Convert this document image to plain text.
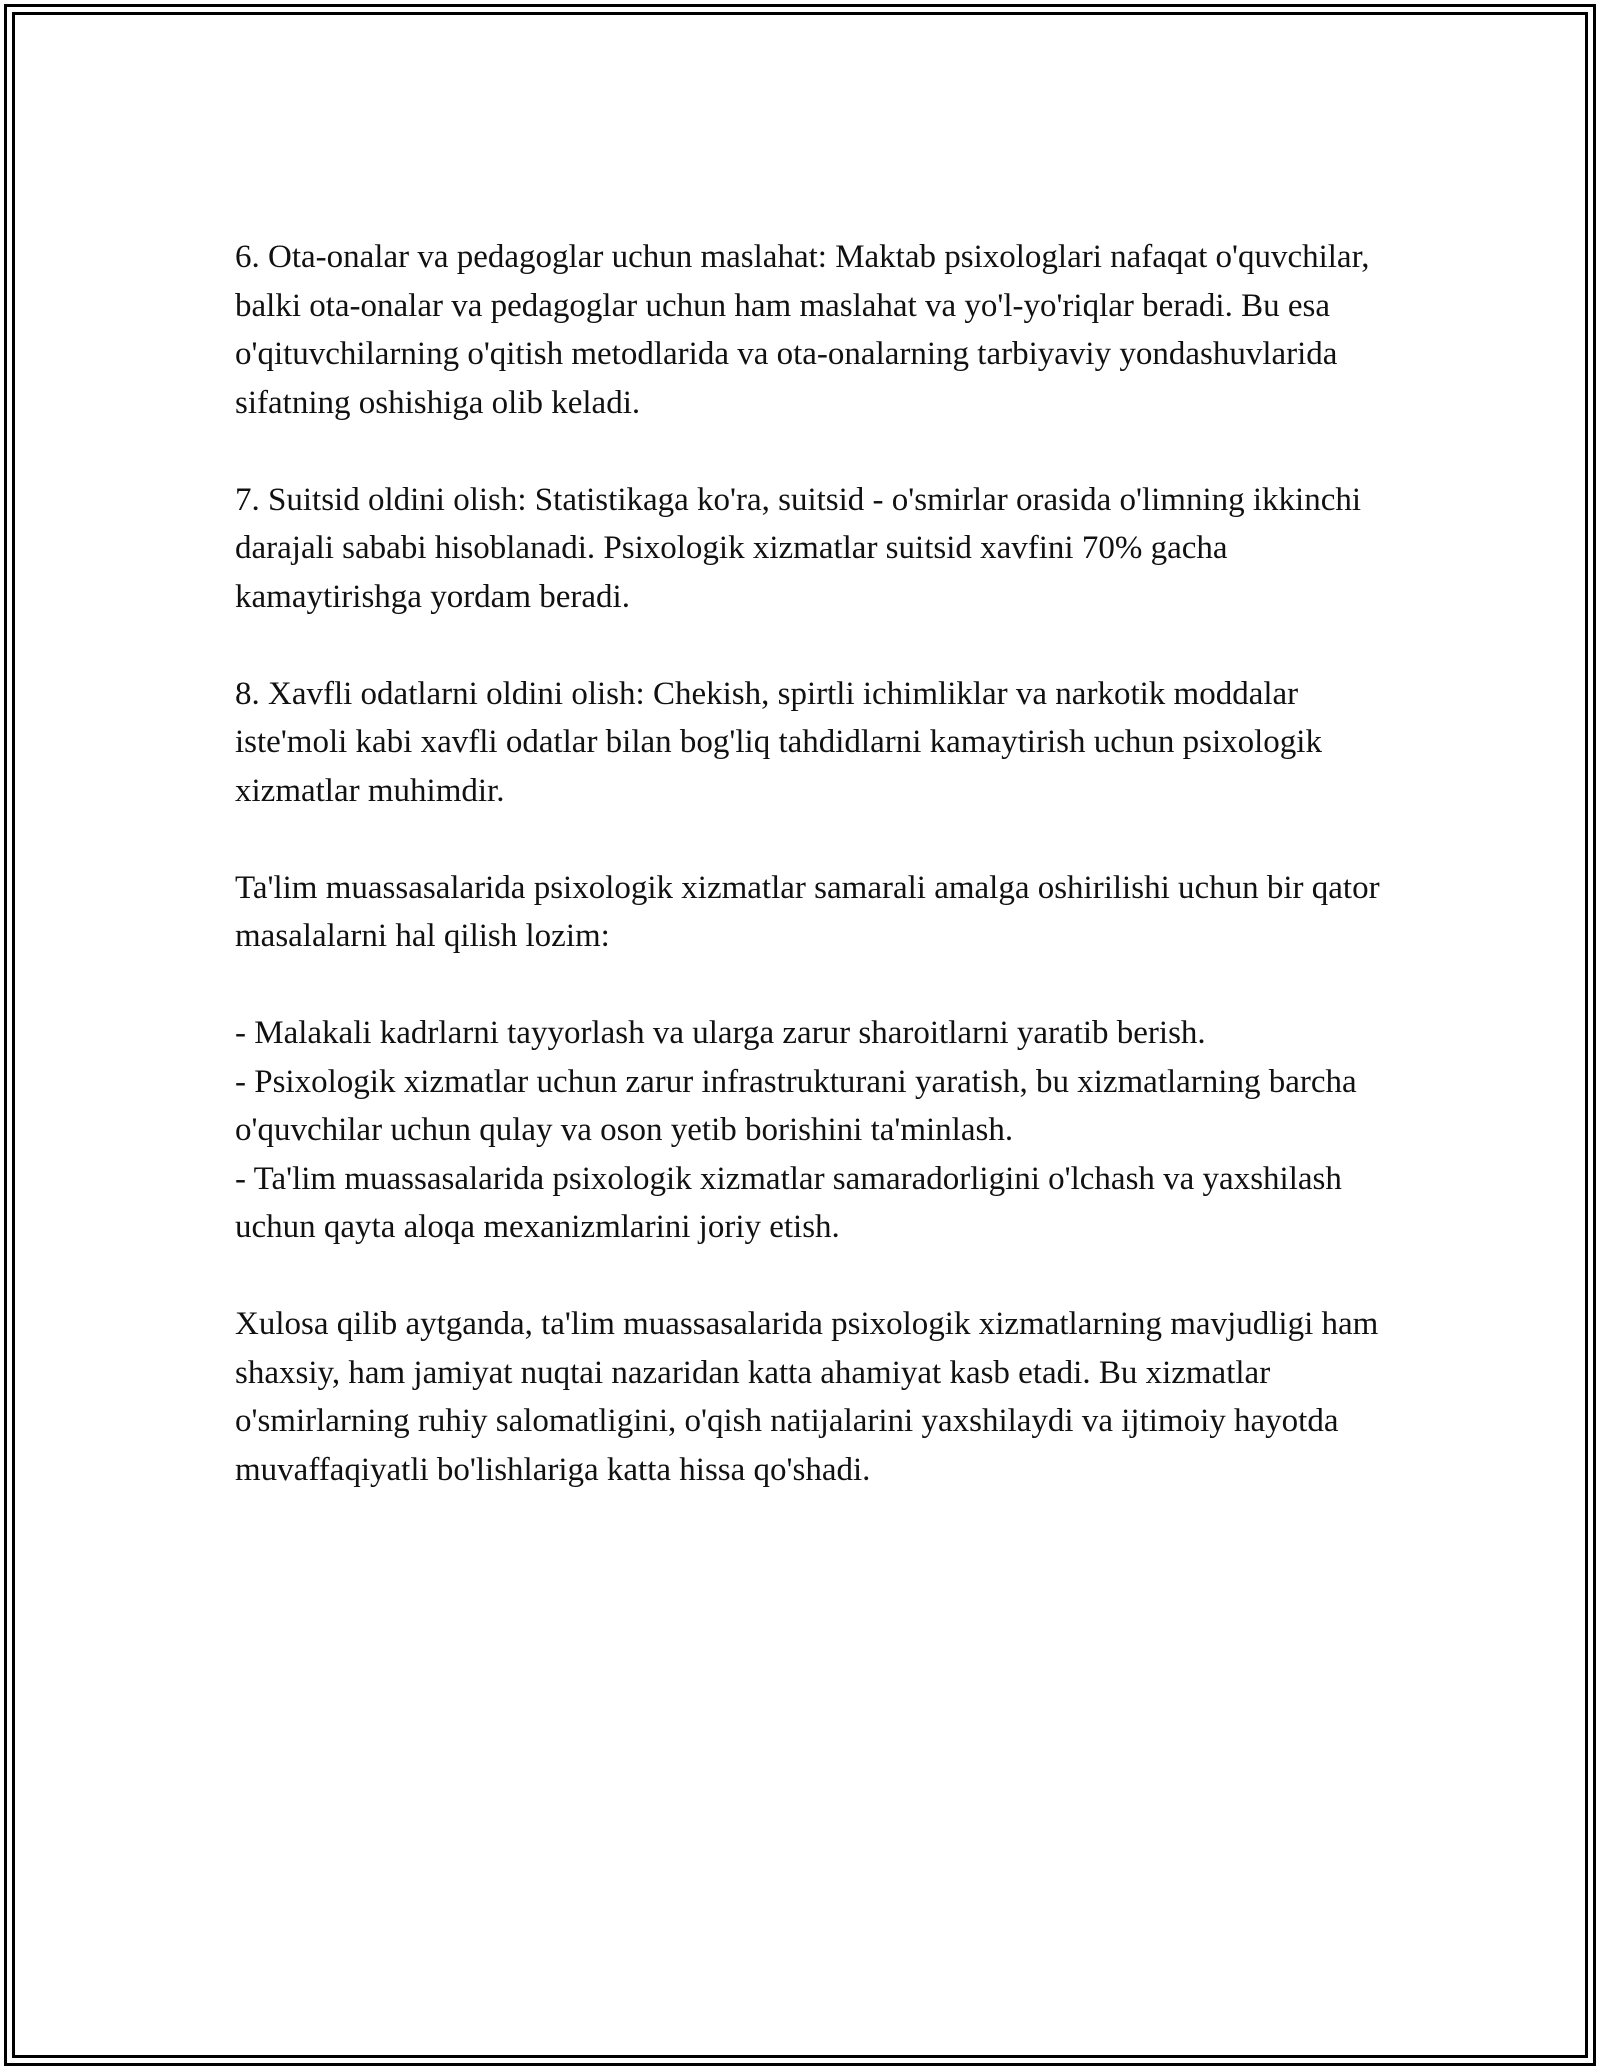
6. Ota-onalar va pedagoglar uchun maslahat: Maktab psixologlari nafaqat o'quvchilar, balki ota-onalar va pedagoglar uchun ham maslahat va yo'l-yo'riqlar beradi. Bu esa o'qituvchilarning o'qitish metodlarida va ota-onalarning tarbiyaviy yondashuvlarida sifatning oshishiga olib keladi.

7. Suitsid oldini olish: Statistikaga ko'ra, suitsid - o'smirlar orasida o'limning ikkinchi darajali sababi hisoblanadi. Psixologik xizmatlar suitsid xavfini 70% gacha kamaytirishga yordam beradi.

8. Xavfli odatlarni oldini olish: Chekish, spirtli ichimliklar va narkotik moddalar iste'moli kabi xavfli odatlar bilan bog'liq tahdidlarni kamaytirish uchun psixologik xizmatlar muhimdir.

Ta'lim muassasalarida psixologik xizmatlar samarali amalga oshirilishi uchun bir qator masalalarni hal qilish lozim:

- Malakali kadrlarni tayyorlash va ularga zarur sharoitlarni yaratib berish.
- Psixologik xizmatlar uchun zarur infrastrukturani yaratish, bu xizmatlarning barcha o'quvchilar uchun qulay va oson yetib borishini ta'minlash.
- Ta'lim muassasalarida psixologik xizmatlar samaradorligini o'lchash va yaxshilash uchun qayta aloqa mexanizmlarini joriy etish.

Xulosa qilib aytganda, ta'lim muassasalarida psixologik xizmatlarning mavjudligi ham shaxsiy, ham jamiyat nuqtai nazaridan katta ahamiyat kasb etadi. Bu xizmatlar o'smirlarning ruhiy salomatligini, o'qish natijalarini yaxshilaydi va ijtimoiy hayotda muvaffaqiyatli bo'lishlariga katta hissa qo'shadi.
